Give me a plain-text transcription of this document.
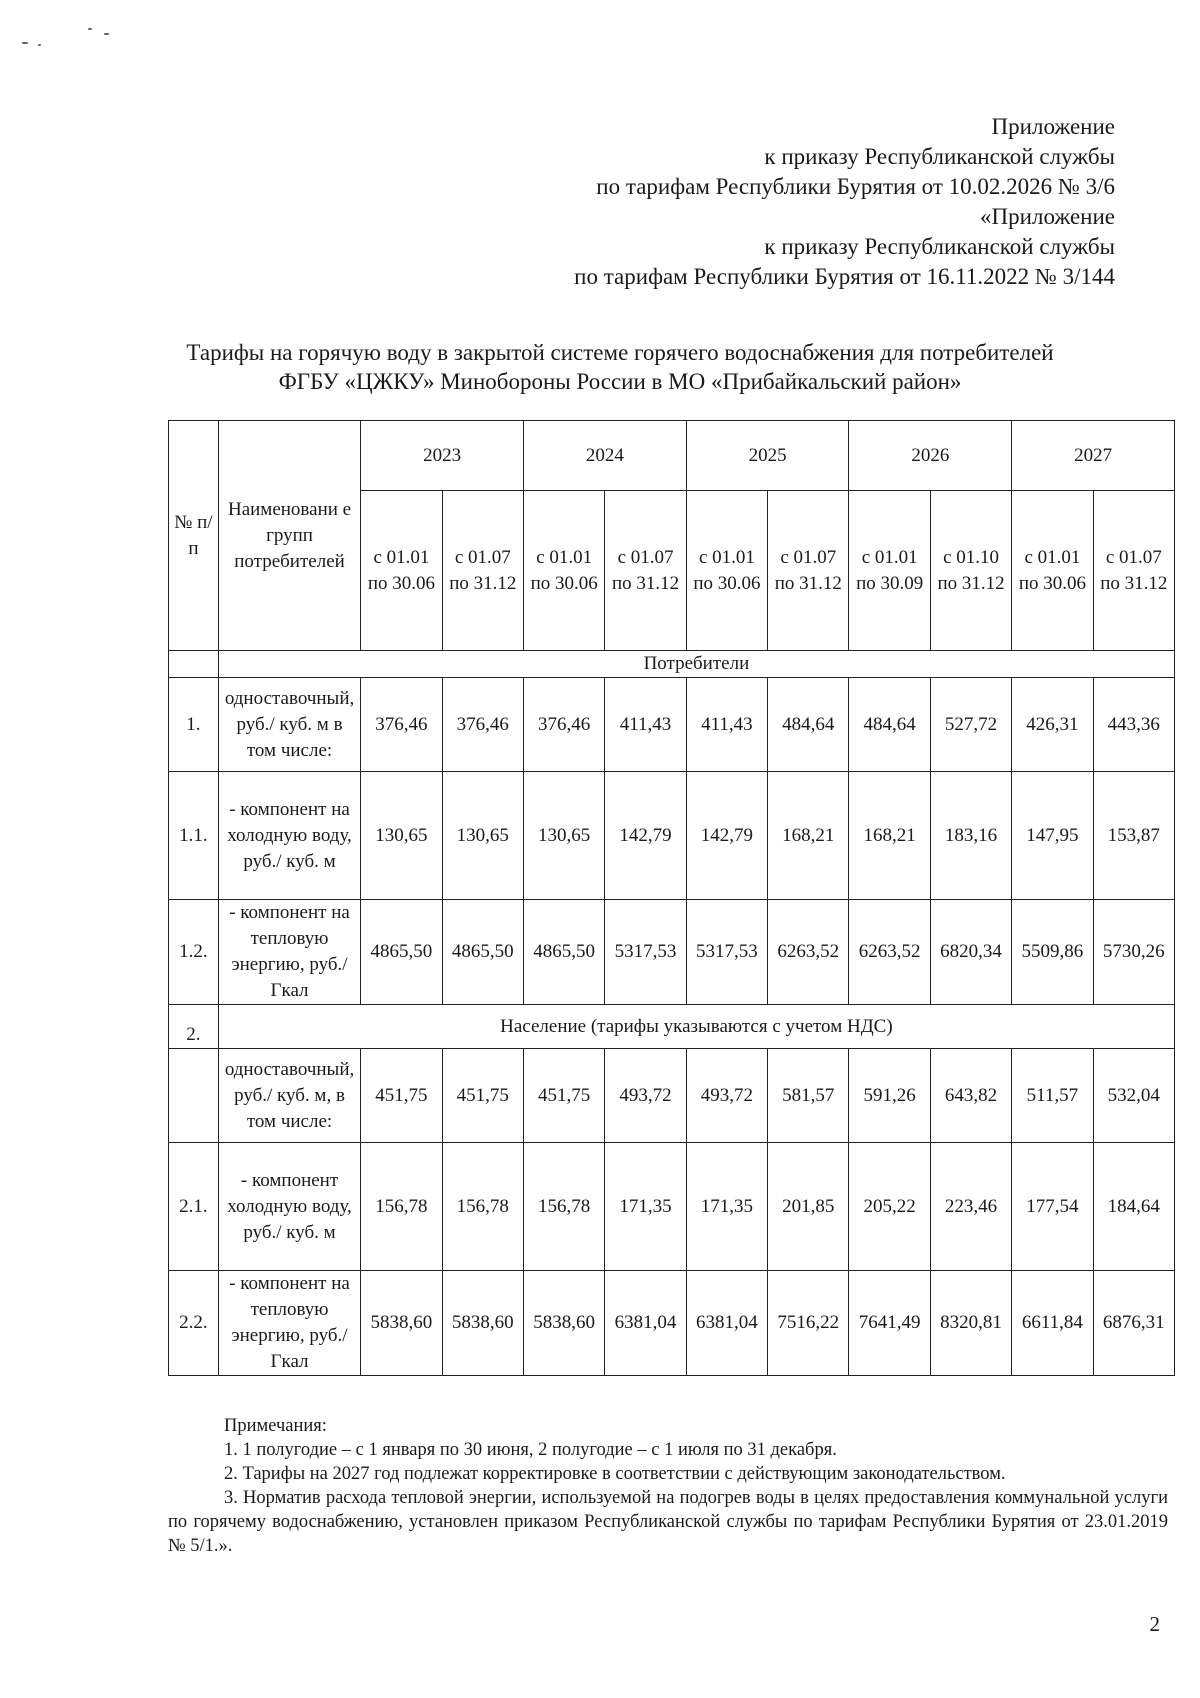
Приложение
к приказу Республиканской службы
по тарифам Республики Бурятия от 10.02.2026 № 3/6
«Приложение
к приказу Республиканской службы
по тарифам Республики Бурятия от 16.11.2022 № 3/144
Тарифы на горячую воду в закрытой системе горячего водоснабжения для потребителей
ФГБУ «ЦЖКУ» Минобороны России в МО «Прибайкальский район»
№ п/ п	Наименовани е групп потребителей	2023		2024		2025		2026		2027	
		с 01.01 по 30.06	с 01.07 по 31.12	с 01.01 по 30.06	с 01.07 по 31.12	с 01.01 по 30.06	с 01.07 по 31.12	с 01.01 по 30.09	с 01.10 по 31.12	с 01.01 по 30.06	с 01.07 по 31.12
	Потребители										
1.	одноставочный, руб./ куб. м в том числе:	376,46	376,46	376,46	411,43	411,43	484,64	484,64	527,72	426,31	443,36
1.1.	- компонент на холодную воду, руб./ куб. м	130,65	130,65	130,65	142,79	142,79	168,21	168,21	183,16	147,95	153,87
1.2.	- компонент на тепловую энергию, руб./Гкал	4865,50	4865,50	4865,50	5317,53	5317,53	6263,52	6263,52	6820,34	5509,86	5730,26
2.	Население (тарифы указываются с учетом НДС)										
	одноставочный, руб./ куб. м, в том числе:	451,75	451,75	451,75	493,72	493,72	581,57	591,26	643,82	511,57	532,04
2.1.	- компонент холодную воду, руб./ куб. м	156,78	156,78	156,78	171,35	171,35	201,85	205,22	223,46	177,54	184,64
2.2.	- компонент на тепловую энергию, руб./Гкал	5838,60	5838,60	5838,60	6381,04	6381,04	7516,22	7641,49	8320,81	6611,84	6876,31
Примечания:
1. 1 полугодие – с 1 января по 30 июня, 2 полугодие – с 1 июля по 31 декабря.
2. Тарифы на 2027 год подлежат корректировке в соответствии с действующим законодательством.
3. Норматив расхода тепловой энергии, используемой на подогрев воды в целях предоставления коммунальной услуги по горячему водоснабжению, установлен приказом Республиканской службы по тарифам Республики Бурятия от 23.01.2019 № 5/1.».
2
